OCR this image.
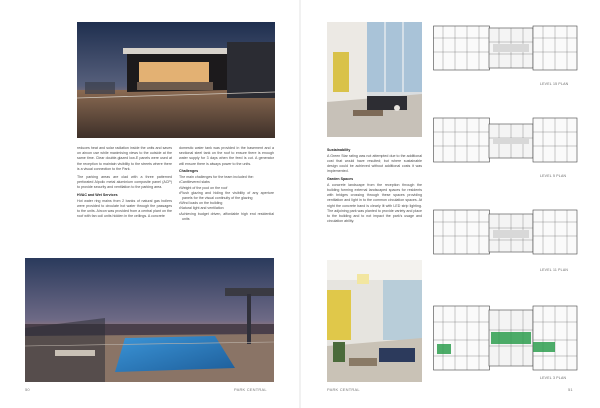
reduces heat and solar radiation inside the units and saves on aircon use while maximising views to the outside at the same time. Clear double-glazed low-E panels were used at the reception to maintain visibility to the streets where there is a visual connection to the Park.

The parking areas are clad with a three patterned perforated Alpolic metal aluminium composite panel (ACP) to provide security and ventilation to the parking area.

HVAC and Wet Services

Hot water ring mains from 2 banks of natural gas boilers were provided to circulate hot water through the passages to the units. Aircon was provided from a central plant on the roof with fan coil units hidden in the ceilings. A concrete

domestic water tank was provided in the basement and a sectional steel tank on the roof to ensure there is enough water supply for 3 days when the feed is cut. A generator will ensure there is always power to the units.

Challenges
The main challenges for the team included the:
• Cantilevered slabs
• Weight of the pool on the roof
• Flush glazing and hiding the visibility of any aperture panels for the visual continuity of the glazing
• Wind loads on the building
• Natural light and ventilation
• Achieving budget driven, affordable high end residential units
50	PARK CENTRAL
Sustainability

A Green Star rating was not attempted due to the additional cost that would have resulted; but where sustainable design could be achieved without additional costs it was implemented.

Garden Spaces

A concrete landscape from the reception through the building forming external landscaped spaces for residents with bridges crossing through these spaces providing ventilation and light in to the common circulation spaces. At night the concrete band is clearly lit with LED strip lighting. The adjoining park was planted to provide variety and place to the building and to not impact the park's usage and circulation ability.

PARK CENTRAL	51
LEVEL 15 PLAN
LEVEL 5 PLAN
LEVEL 11 PLAN
LEVEL 3 PLAN
